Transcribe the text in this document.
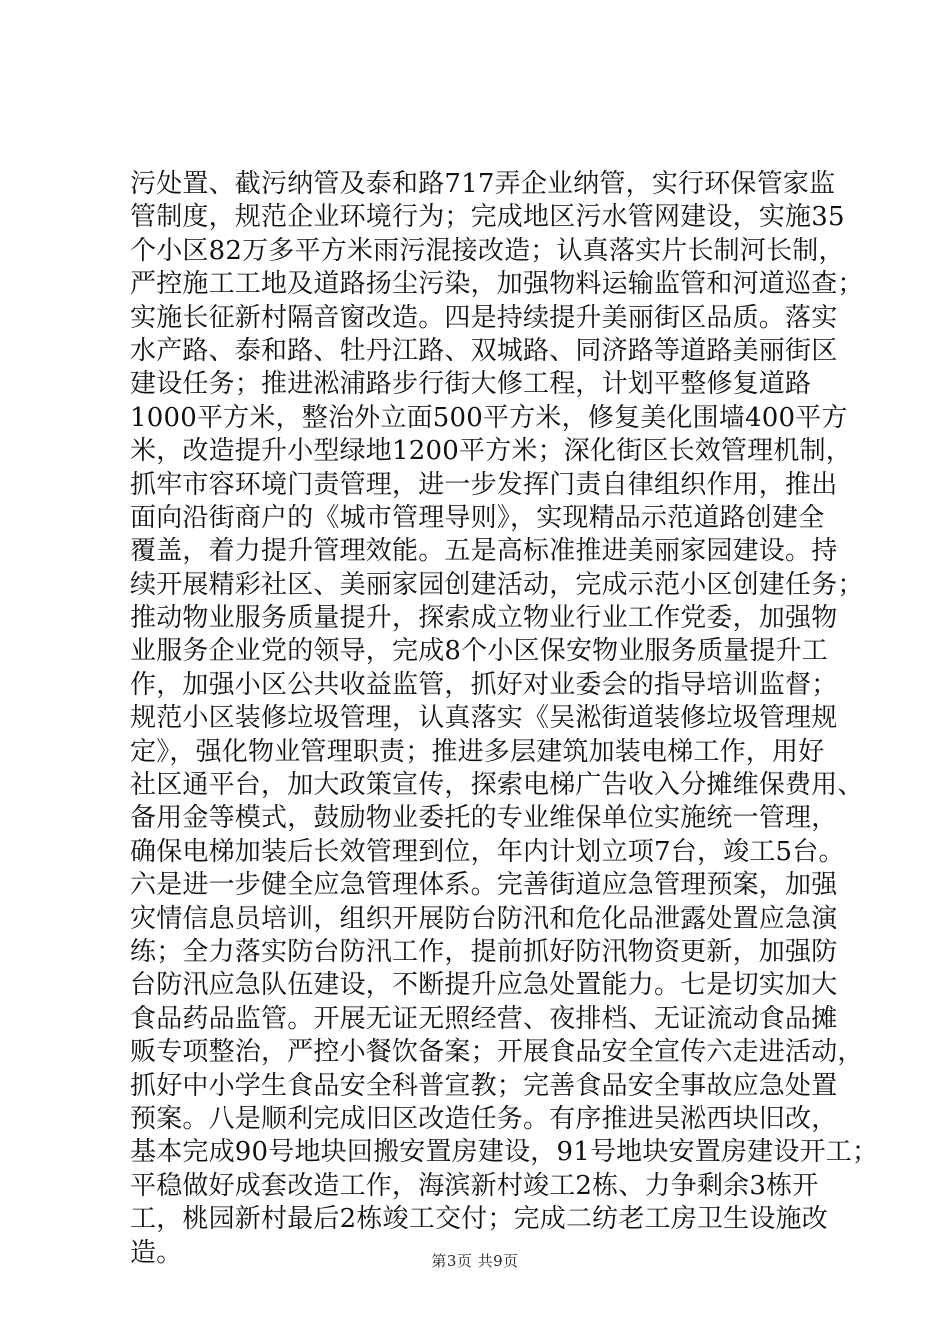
污处置、截污纳管及泰和路717弄企业纳管，实行环保管家监
管制度，规范企业环境行为；完成地区污水管网建设，实施35
个小区82万多平方米雨污混接改造；认真落实片长制河长制，
严控施工工地及道路扬尘污染，加强物料运输监管和河道巡查；
实施长征新村隔音窗改造。四是持续提升美丽街区品质。落实
水产路、泰和路、牡丹江路、双城路、同济路等道路美丽街区
建设任务；推进淞浦路步行街大修工程，计划平整修复道路
1000平方米，整治外立面500平方米，修复美化围墙400平方
米，改造提升小型绿地1200平方米；深化街区长效管理机制，
抓牢市容环境门责管理，进一步发挥门责自律组织作用，推出
面向沿街商户的《城市管理导则》，实现精品示范道路创建全
覆盖，着力提升管理效能。五是高标准推进美丽家园建设。持
续开展精彩社区、美丽家园创建活动，完成示范小区创建任务；
推动物业服务质量提升，探索成立物业行业工作党委，加强物
业服务企业党的领导，完成8个小区保安物业服务质量提升工
作，加强小区公共收益监管，抓好对业委会的指导培训监督；
规范小区装修垃圾管理，认真落实《吴淞街道装修垃圾管理规
定》，强化物业管理职责；推进多层建筑加装电梯工作，用好
社区通平台，加大政策宣传，探索电梯广告收入分摊维保费用、
备用金等模式，鼓励物业委托的专业维保单位实施统一管理，
确保电梯加装后长效管理到位，年内计划立项7台，竣工5台。
六是进一步健全应急管理体系。完善街道应急管理预案，加强
灾情信息员培训，组织开展防台防汛和危化品泄露处置应急演
练；全力落实防台防汛工作，提前抓好防汛物资更新，加强防
台防汛应急队伍建设，不断提升应急处置能力。七是切实加大
食品药品监管。开展无证无照经营、夜排档、无证流动食品摊
贩专项整治，严控小餐饮备案；开展食品安全宣传六走进活动，
抓好中小学生食品安全科普宣教；完善食品安全事故应急处置
预案。八是顺利完成旧区改造任务。有序推进吴淞西块旧改，
基本完成90号地块回搬安置房建设，91号地块安置房建设开工；
平稳做好成套改造工作，海滨新村竣工2栋、力争剩余3栋开
工，桃园新村最后2栋竣工交付；完成二纺老工房卫生设施改
造。	第3页 共9页
